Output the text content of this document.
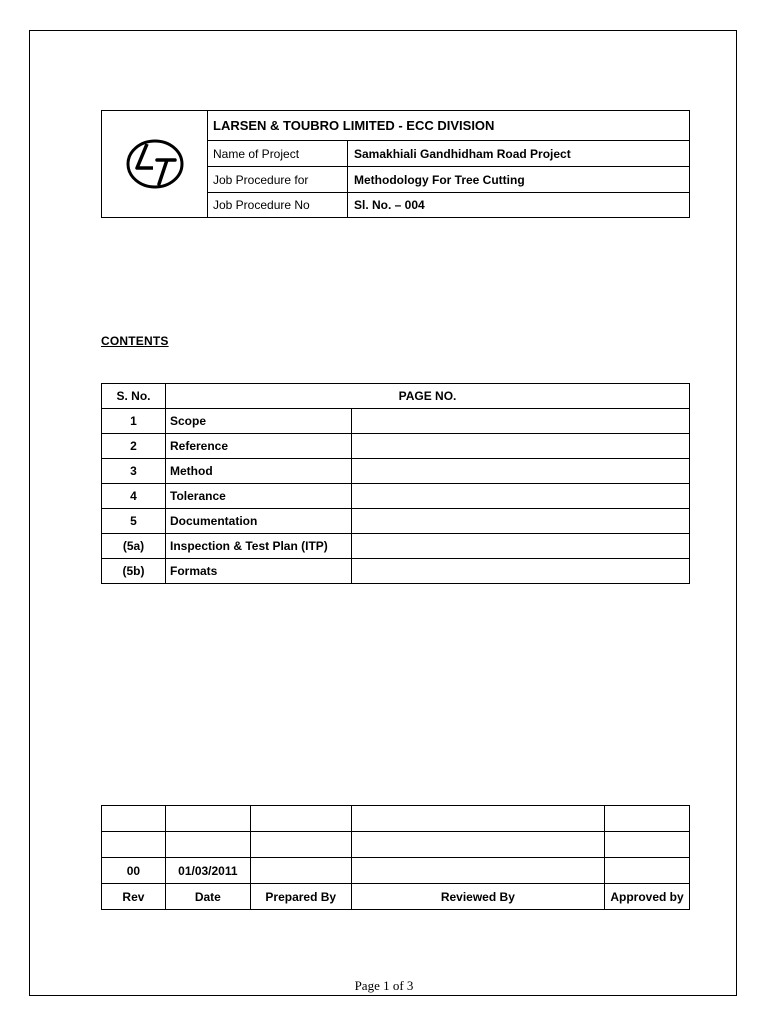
LARSEN & TOUBRO LIMITED - ECC DIVISION
Name of Project	Samakhiali Gandhidham Road Project
Job Procedure for	Methodology For Tree Cutting
Job Procedure No	Sl. No. – 004
CONTENTS
S. No.	PAGE NO.	
1	Scope	
2	Reference	
3	Method	
4	Tolerance	
5	Documentation	
(5a)	Inspection & Test Plan (ITP)	
(5b)	Formats	

00	01/03/2011			
Rev	Date	Prepared By	Reviewed By	Approved by
Page 1 of 3
